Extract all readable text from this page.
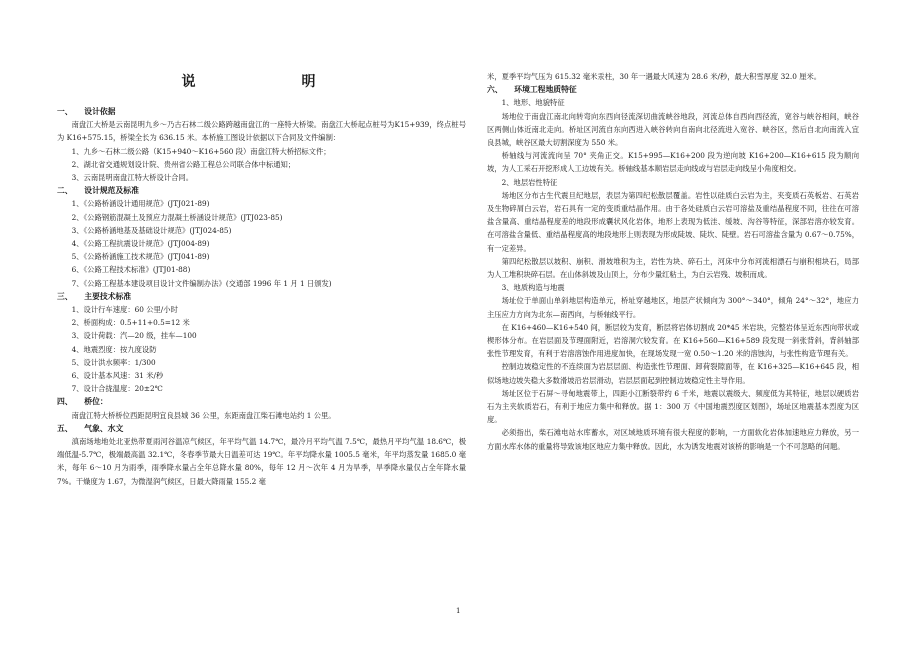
说　　明
一、　　设计依据
南盘江大桥是云南昆明九乡～乃古石林二级公路跨越南盘江的一座特大桥梁。南盘江大桥起点桩号为K15+939，终点桩号为 K16+575.15，桥梁全长为 636.15 米。本桥施工图设计依据以下合同及文件编制：
1、九乡～石林二级公路（K15+940～K16+560 段）南盘江特大桥招标文件；
2、湖北省交通规划设计院、贵州省公路工程总公司联合体中标通知；
3、云南昆明南盘江特大桥设计合同。
二、　　设计规范及标准
1、《公路桥涵设计通用规范》(JTJ021-89)
2、《公路钢筋混凝土及预应力混凝土桥涵设计规范》(JTJ023-85)
3、《公路桥涵地基及基础设计规范》(JTJ024-85)
4、《公路工程抗震设计规范》(JTJ004-89)
5、《公路桥涵施工技术规范》(JTJ041-89)
6、《公路工程技术标准》(JTJ01-88)
7、《公路工程基本建设项目设计文件编制办法》(交通部 1996 年 1 月 1 日颁发)
三、　　主要技术标准
1、设计行车速度：60 公里/小时
2、桥面构成：0.5+11+0.5=12 米
3、设计荷载：汽—20 级，挂车—100
4、地震烈度：按九度设防
5、设计洪水频率：1/300
6、设计基本风速：31 米/秒
7、设计合拢温度：20±2℃
四、　　桥位：
南盘江特大桥桥位西距昆明宜良县城 36 公里，东距南盘江柴石滩电站约 1 公里。
五、　　气象、水文
滇南场地地处北亚热带夏雨河谷温凉气候区，年平均气温 14.7℃，最冷月平均气温 7.5℃，最热月平均气温 18.6℃，极端低温-5.7℃，极端最高温 32.1℃，冬春季节最大日温差可达 19℃。年平均降水量 1005.5 毫米，年平均蒸发量 1685.0 毫米，每年 6～10 月为雨季，雨季降水量占全年总降水量 80%，每年 12 月～次年 4 月为旱季，旱季降水量仅占全年降水量 7%。干燥度为 1.67，为微湿润气候区，日最大降雨量 155.2 毫
米，夏季平均气压为 615.32 毫米汞柱，30 年一遇最大风速为 28.6 米/秒，最大积雪厚度 32.0 厘米。
六、　　环境工程地质特征
1、地形、地貌特征
场地位于南盘江南北向转弯向东西向径流深切曲流峡谷地段，河流总体自西向西径流，宽谷与峡谷相间，峡谷区两侧山体近南北走向。桥址区河流自东向西进入峡谷转向自南向北径流进入宽谷、峡谷区，然后自北向南流入宜良县城，峡谷区最大切割深度为 550 米。
桥轴线与河流流向呈 70° 夹角正交。K15+995—K16+200 段为逆向坡 K16+200—K16+615 段为顺向坡，为人工采石开挖形成人工边坡有关。桥轴线基本顺岩层走向线或与岩层走向线呈小角度相交。
2、地层岩性特征
场地区分布古生代震旦纪地层，表层为第四纪松散层覆盖。岩性以硅质白云岩为主，夹变质石英板岩、石英岩及生物碎屑白云岩，岩石具有一定的变质重结晶作用。由于各处硅质白云岩可溶盐及重结晶程度不同，往往在可溶盐含量高、重结晶程度差的地段形成囊状风化岩体，地形上表现为低洼、缓坡、沟谷等特征，深部岩溶亦较发育。在可溶盐含量低、重结晶程度高的地段地形上则表现为形成陡坡、陡坎、陡壁。岩石可溶盐含量为 0.67～0.75%，有一定差异。
第四纪松散层以坡积、崩积、滑坡堆积为主，岩性为块、碎石土，河床中分布河流相漂石与崩积相块石，局部为人工堆积块碎石层。在山体斜坡及山顶上，分布少量红粘土，为白云岩残、坡积而成。
3、地质构造与地震
场址位于单面山单斜地层构造单元，桥址穿越地区，地层产状倾向为 300°～340°，倾角 24°～32°，地应力主压应力方向为北东—南西向，与桥轴线平行。
在 K16+460—K16+540 间，断层较为发育，断层将岩体切割成 20*45 米岩块，完整岩体呈近东西向带状或楔形体分布。在岩层面及节理面附近，岩溶洞穴较发育。在 K16+560—K16+589 段发现一斜张背斜，背斜轴部张性节理发育，有利于岩溶溶蚀作用进度加快，在现场发现一宽 0.50～1.20 米的溶蚀沟，与张性构造节理有关。
控制边坡稳定性的不连续面为岩层层面、构造张性节理面、卸荷裂隙面等，在 K16+325—K16+645 段，相似场地边坡失稳大多数滑坡沿岩层滑动，岩层层面起到控制边坡稳定性主导作用。
场址区位于石屏～寻甸地震带上，四距小江断裂带约 6 千米，地震以震级大、频度低为其特征，地层以硬质岩石为主夹软质岩石，有利于地应力集中和释放。据 1：300 万《中国地震烈度区划图》，场址区地震基本烈度为区度。
必须指出，柴石滩电站水库蓄水，对区域地质环境有很大程度的影响，一方面软化岩体加速地应力释放，另一方面水库水体的重量将导致该地区地应力集中释放。因此，水为诱发地震对该桥的影响是一个不可忽略的问题。
1
